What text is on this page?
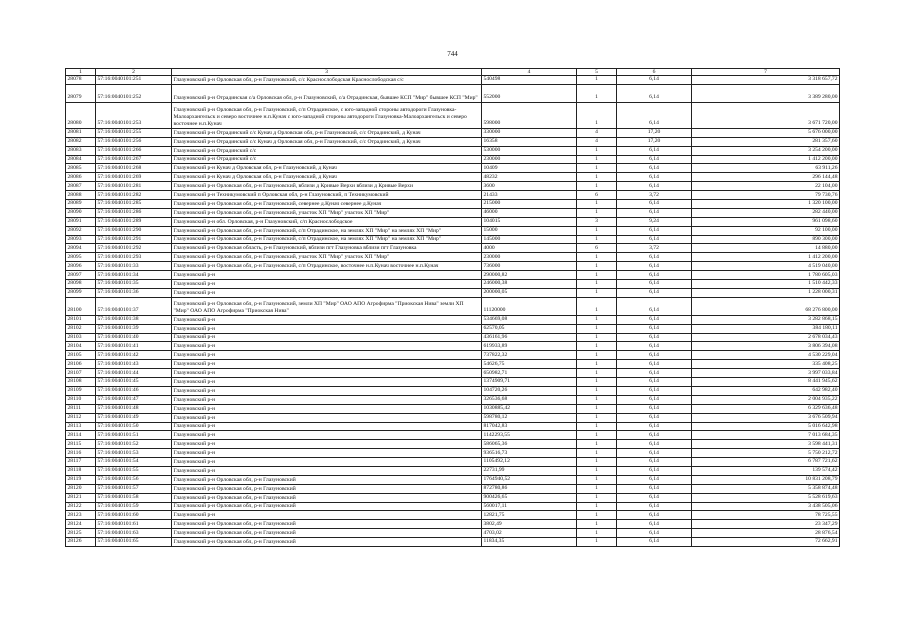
744
1	2	3	4	5	6	7
28078	57:16:0040101:251	Глазуновский р-н Орловская обл, р-н Глазуновский, с/с Краснослободская Краснослободская с/с	540498	1	6,14	3 318 657,72
28079	57:16:0040101:252	Глазуновский р-н Отрадинская с/а Орловская обл, р-н Глазуновский, с/а Отрадинская, бывшее КСП "Мир" бывшее КСП "Мир"	552000	1	6,14	3 389 280,00
28080	57:16:0040101:253	Глазуновский р-н Орловская обл, р-н Глазуновский, с/п Отрадинское, с юго-западной стороны автодороги Глазуновка-Малоархангельск и северо восточнее н.п.Кунач с юго-западной стороны автодороги Глазуновка-Малоархангельск и северо восточнее н.п.Кунач	598000	1	6,14	3 671 720,00
28081	57:16:0040101:255	Глазуновский р-н Отрадинский с/с Кунач д Орловская обл, р-н Глазуновский, с/с Отрадинский, д Кунач	330000	4	17,20	5 676 000,00
28082	57:16:0040101:256	Глазуновский р-н Отрадинский с/с Кунач д Орловская обл, р-н Глазуновский, с/с Отрадинский, д Кунач	16358	4	17,20	281 357,60
28083	57:16:0040101:266	Глазуновский р-н Отрадинский с/с	530000	1	6,14	3 254 200,00
28084	57:16:0040101:267	Глазуновский р-н Отрадинский с/с	230000	1	6,14	1 412 200,00
28085	57:16:0040101:268	Глазуновский р-н Кунач д Орловская обл, р-н Глазуновский, д Кунач	10409	1	6,14	63 911,26
28086	57:16:0040101:269	Глазуновский р-н Кунач д Орловская обл, р-н Глазуновский, д Кунач	48232	1	6,14	296 144,48
28087	57:16:0040101:281	Глазуновский р-н Орловская обл, р-н Глазуновский, вблизи д Кривые Верхи вблизи д Кривые Верхи	3600	1	6,14	22 104,00
28088	57:16:0040101:282	Глазуновский р-н Техникумовский п Орловская обл, р-н Глазуновский, п Техникумовский	21433	6	3,72	79 730,76
28089	57:16:0040101:285	Глазуновский р-н Орловская обл, р-н Глазуновский, севернее д.Кунач севернее д.Кунач	215000	1	6,14	1 320 100,00
28090	57:16:0040101:286	Глазуновский р-н Орловская обл, р-н Глазуновский, участок ХП "Мир" участок ХП "Мир"	46000	1	6,14	282 440,00
28091	57:16:0040101:289	Глазуновский р-н обл. Орловская, р-н Глазуновский, с/п Краснослободское	104015	3	9,24	961 098,60
28092	57:16:0040101:290	Глазуновский р-н Орловская обл, р-н Глазуновский, с/п Отрадинское, на землях ХП "Мир" на землях ХП "Мир"	15000	1	6,14	92 100,00
28093	57:16:0040101:291	Глазуновский р-н Орловская обл, р-н Глазуновский, с/п Отрадинское, на землях ХП "Мир" на землях ХП "Мир"	145000	1	6,14	890 300,00
28094	57:16:0040101:292	Глазуновский р-н Орловская область, р-н Глазуновский, вблизи пгт Глазуновка вблизи пгт Глазуновка	4000	6	3,72	14 880,00
28095	57:16:0040101:293	Глазуновский р-н Орловская обл, р-н Глазуновский, участок ХП "Мир" участок ХП "Мир"	230000	1	6,14	1 412 200,00
28096	57:16:0040101:33	Глазуновский р-н Орловская обл, р-н Глазуновский, с/п Отрадинское, восточнее н.п.Кунач восточнее н.п.Кунач	736000	1	6,14	4 519 040,00
28097	57:16:0040101:34	Глазуновский р-н	290000,82	1	6,14	1 780 605,03
28098	57:16:0040101:35	Глазуновский р-н	246000,38	1	6,14	1 510 442,33
28099	57:16:0040101:36	Глазуновский р-н	200000,05	1	6,14	1 228 000,31
28100	57:16:0040101:37	Глазуновский р-н Орловская обл, р-н Глазуновский, земли ХП "Мир" ОАО АПО Агрофирма "Приокская Нива" земли ХП "Мир" ОАО АПО Агрофирма "Приокская Нива"	11120000	1	6,14	68 276 800,00
28101	57:16:0040101:38	Глазуновский р-н	534669,08	1	6,14	3 282 868,15
28102	57:16:0040101:39	Глазуновский р-н	62570,05	1	6,14	384 180,11
28103	57:16:0040101:40	Глазуновский р-н	436161,96	1	6,14	2 678 034,43
28104	57:16:0040101:41	Глазуновский р-н	619933,89	1	6,14	3 806 394,08
28105	57:16:0040101:42	Глазуновский р-н	737822,32	1	6,14	4 530 229,04
28106	57:16:0040101:43	Глазуновский р-н	54626,75	1	6,14	335 408,25
28107	57:16:0040101:44	Глазуновский р-н	650982,71	1	6,14	3 997 033,84
28108	57:16:0040101:45	Глазуновский р-н	1374909,71	1	6,14	8 441 945,62
28109	57:16:0040101:46	Глазуновский р-н	104720,26	1	6,14	642 982,40
28110	57:16:0040101:47	Глазуновский р-н	326536,68	1	6,14	2 004 935,22
28111	57:16:0040101:48	Глазуновский р-н	1030885,42	1	6,14	6 329 636,48
28112	57:16:0040101:49	Глазуновский р-н	598780,12	1	6,14	3 676 509,94
28113	57:16:0040101:50	Глазуновский р-н	817042,83	1	6,14	5 016 642,98
28114	57:16:0040101:51	Глазуновский р-н	1142293,55	1	6,14	7 013 684,35
28115	57:16:0040101:52	Глазуновский р-н	586065,36	1	6,14	3 598 441,31
28116	57:16:0040101:53	Глазуновский р-н	936516,73	1	6,14	5 750 212,72
28117	57:16:0040101:54	Глазуновский р-н	1105492,12	1	6,14	6 787 721,62
28118	57:16:0040101:55	Глазуновский р-н	22731,99	1	6,14	139 574,42
28119	57:16:0040101:56	Глазуновский р-н Орловская обл, р-н Глазуновский	1764940,52	1	6,14	10 831 208,79
28120	57:16:0040101:57	Глазуновский р-н Орловская обл, р-н Глазуновский	872780,86	1	6,14	5 358 874,48
28121	57:16:0040101:58	Глазуновский р-н Орловская обл, р-н Глазуновский	900426,65	1	6,14	5 528 619,63
28122	57:16:0040101:59	Глазуновский р-н Орловская обл, р-н Глазуновский	560017,11	1	6,14	3 438 505,06
28123	57:16:0040101:60	Глазуновский р-н	12821,75	1	6,14	78 725,55
28124	57:16:0040101:61	Глазуновский р-н Орловская обл, р-н Глазуновский	3802,49	1	6,14	23 347,29
28125	57:16:0040101:63	Глазуновский р-н Орловская обл, р-н Глазуновский	4703,02	1	6,14	28 876,54
28126	57:16:0040101:65	Глазуновский р-н Орловская обл, р-н Глазуновский	11834,35	1	6,14	72 662,91
